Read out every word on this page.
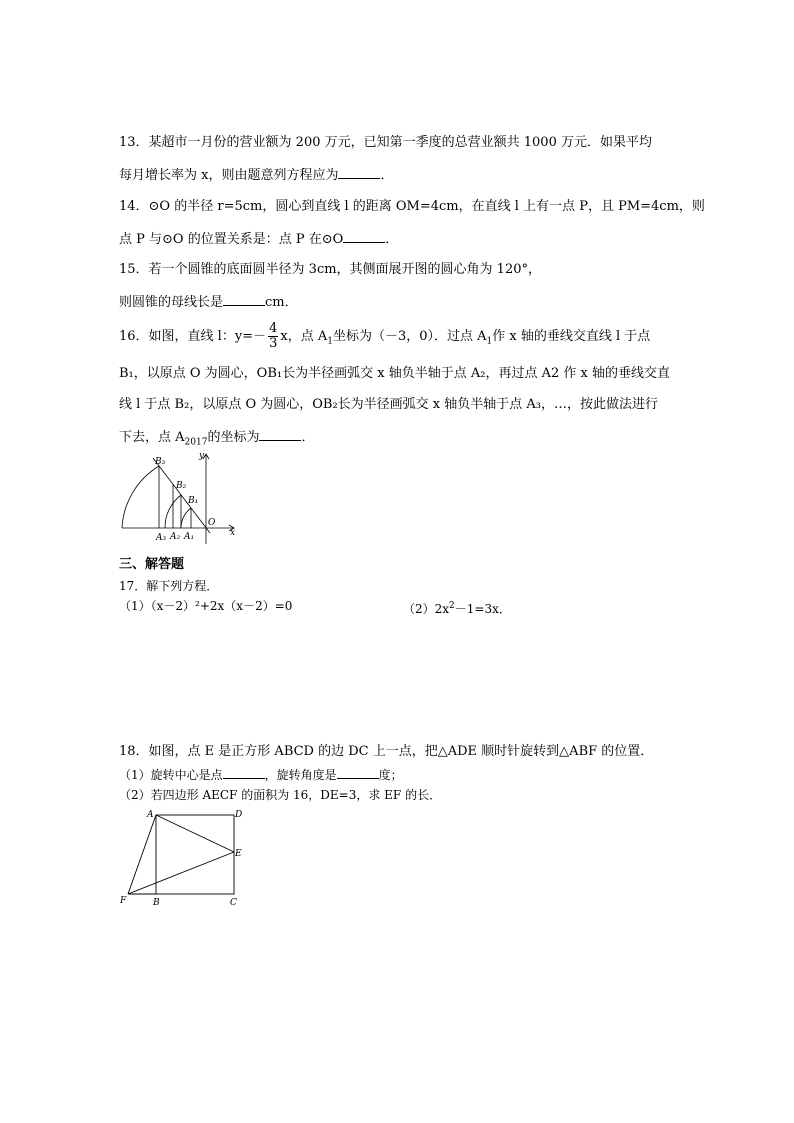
13．某超市一月份的营业额为 200 万元，已知第一季度的总营业额共 1000 万元．如果平均
每月增长率为 x，则由题意列方程应为	．
14．⊙O 的半径 r=5cm，圆心到直线 l 的距离 OM=4cm，在直线 l 上有一点 P，且 PM=4cm，则
点 P 与⊙O 的位置关系是：点 P 在⊙O	．
15．若一个圆锥的底面圆半径为 3cm，其侧面展开图的圆心角为 120°，
则圆锥的母线长是	cm．
16．如图，直线 l：$y=- \frac{4}{3}$ x，点 $A_1$坐标为（－3，0）．过点 $A_1$作 x 轴的垂线交直线 l 于点
B₁，以原点 O 为圆心，OB₁长为半径画弧交 x 轴负半轴于点 A₂，再过点 A2 作 x 轴的垂线交直
线 l 于点 B₂，以原点 O 为圆心，OB₂长为半径画弧交 x 轴负半轴于点 A₃，…，按此做法进行
下去，点 $A_{2017}$的坐标为	．
B₃
B₂
B₁
A₃ A₂ A₁
O
y
x
三、解答题
17．解下列方程．
（1）（x－2）²+2x（x－2）=0	$(2)2x^2-1=3x$．
18．如图，点 E 是正方形 ABCD 的边 DC 上一点，把△ADE 顺时针旋转到△ABF 的位置．
（1）旋转中心是点	，旋转角度是	度；
（2）若四边形 AECF 的面积为 16，DE=3，求 EF 的长．
A	D
E
F	B	C
